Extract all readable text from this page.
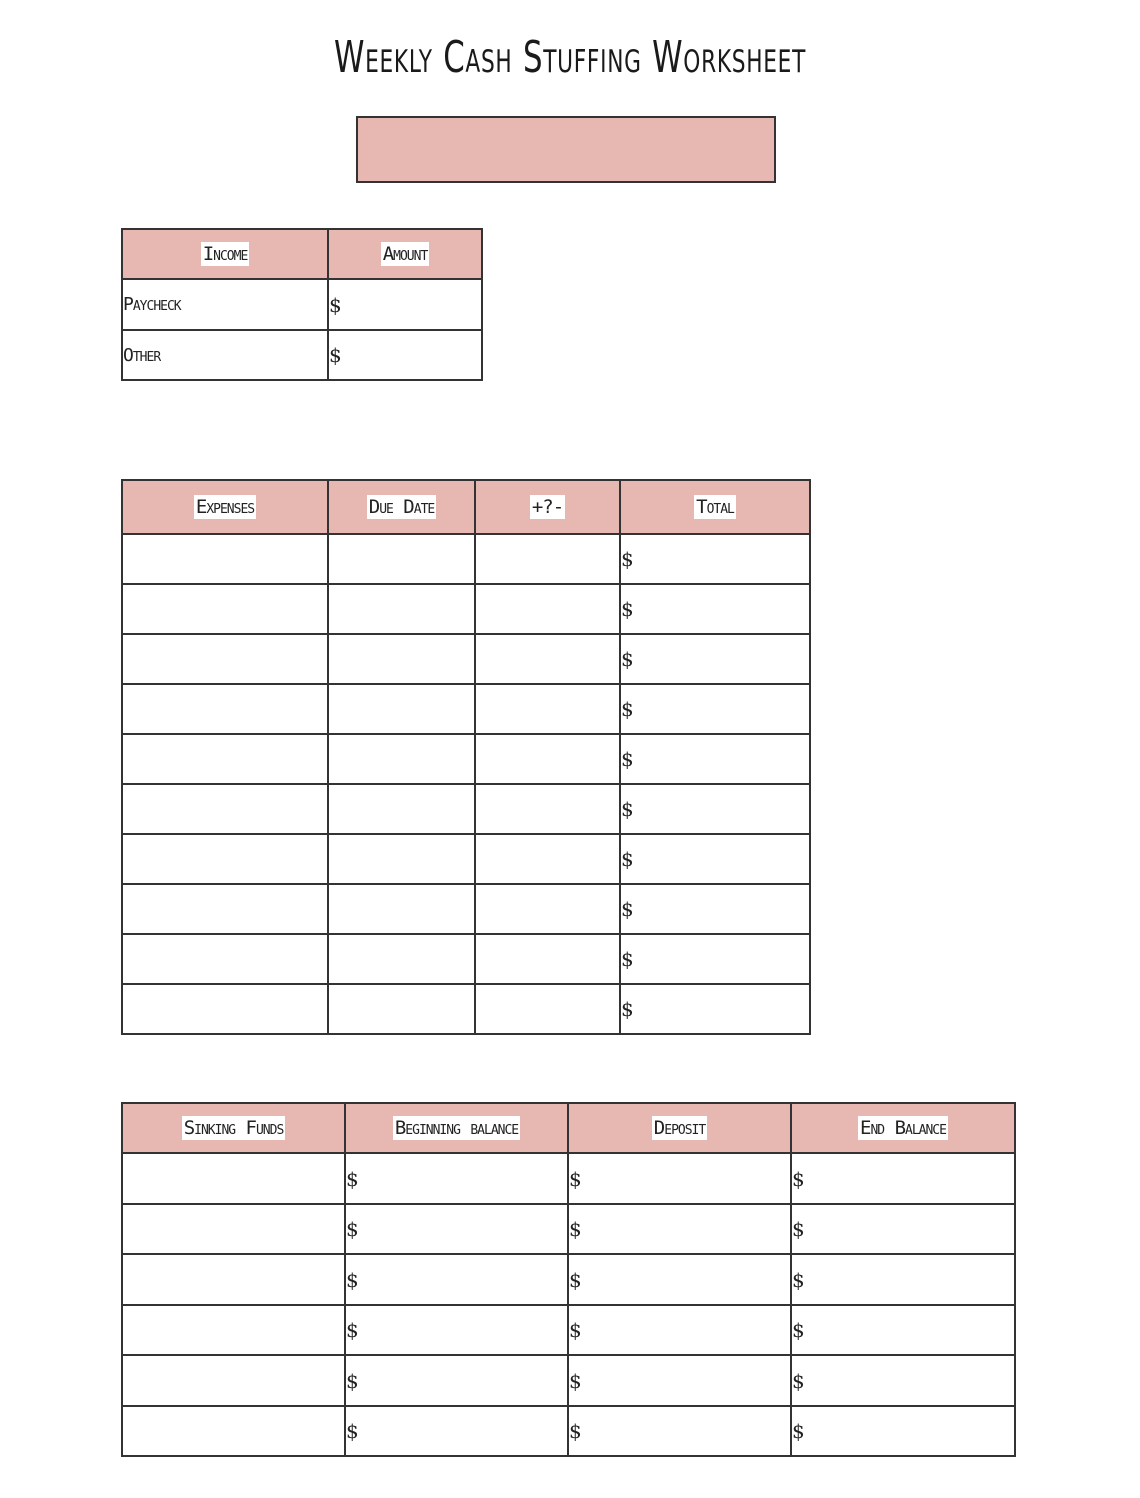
Weekly Cash Stuffing Worksheet
Income	Amount
Paycheck	$
Other	$
Expenses	Due Date	+?-	Total
			$
			$
			$
			$
			$
			$
			$
			$
			$
			$
Sinking Funds	Beginning balance	Deposit	End Balance
	$	$	$
	$	$	$
	$	$	$
	$	$	$
	$	$	$
	$	$	$
